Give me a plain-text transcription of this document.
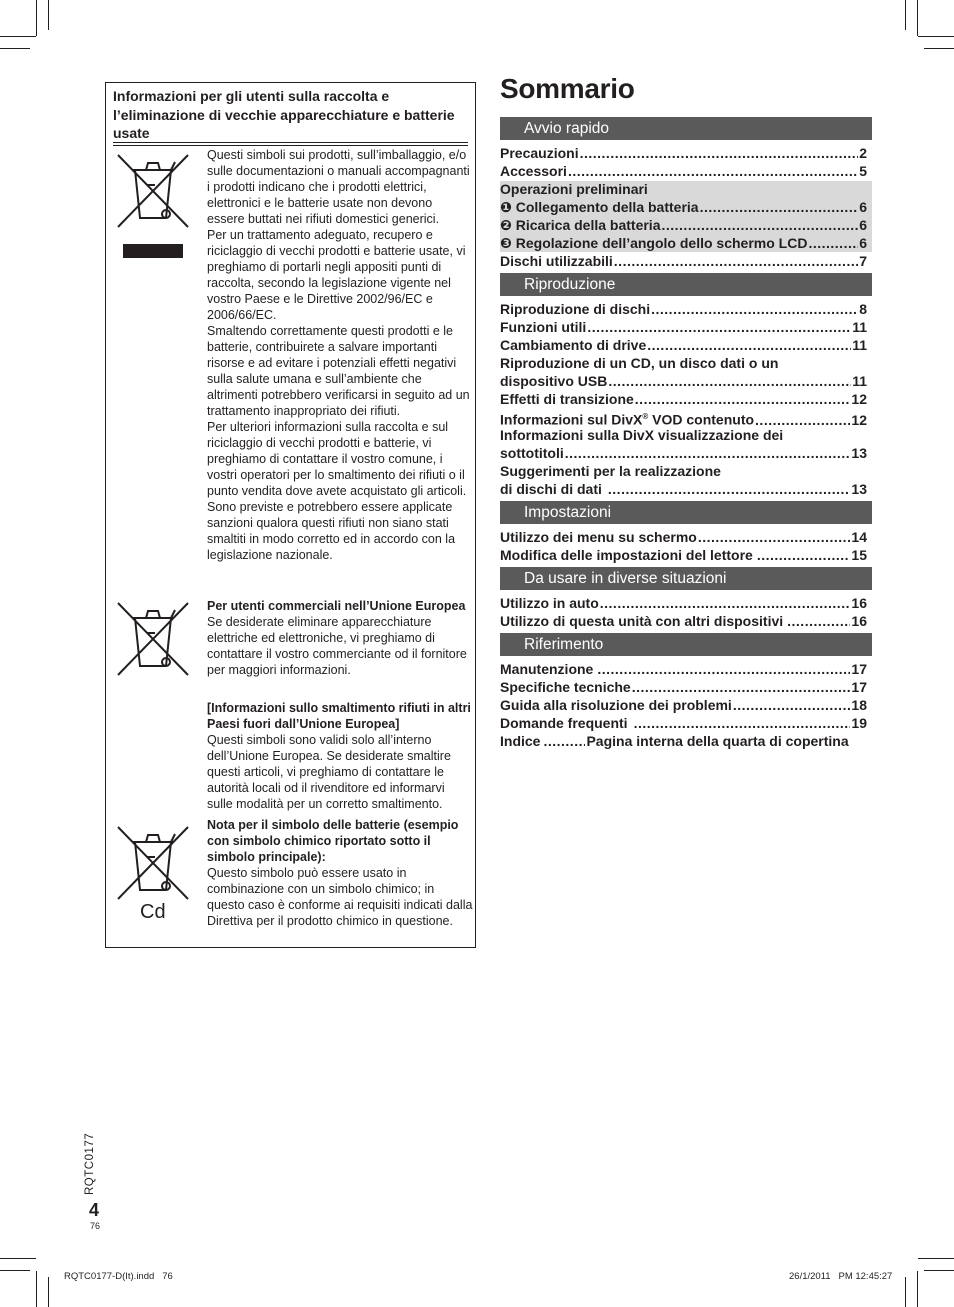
Informazioni per gli utenti sulla raccolta e l’eliminazione di vecchie apparecchiature e batterie usate
Cd

Questi simboli sui prodotti, sull’imballaggio, e/o sulle documentazioni o manuali accompagnanti i prodotti indicano che i prodotti elettrici, elettronici e le batterie usate non devono essere buttati nei rifiuti domestici generici.

Per un trattamento adeguato, recupero e riciclaggio di vecchi prodotti e batterie usate, vi preghiamo di portarli negli appositi punti di raccolta, secondo la legislazione vigente nel vostro Paese e le Direttive 2002/96/EC e 2006/66/EC.

Smaltendo correttamente questi prodotti e le batterie, contribuirete a salvare importanti risorse e ad evitare i potenziali effetti negativi sulla salute umana e sull’ambiente che altrimenti potrebbero verificarsi in seguito ad un trattamento inappropriato dei rifiuti.

Per ulteriori informazioni sulla raccolta e sul riciclaggio di vecchi prodotti e batterie, vi preghiamo di contattare il vostro comune, i vostri operatori per lo smaltimento dei rifiuti o il punto vendita dove avete acquistato gli articoli.

Sono previste e potrebbero essere applicate sanzioni qualora questi rifiuti non siano stati smaltiti in modo corretto ed in accordo con la legislazione nazionale.

Per utenti commerciali nell’Unione Europea

Se desiderate eliminare apparecchiature elettriche ed elettroniche, vi preghiamo di contattare il vostro commerciante od il fornitore per maggiori informazioni.

[Informazioni sullo smaltimento rifiuti in altri Paesi fuori dall’Unione Europea]

Questi simboli sono validi solo all’interno dell’Unione Europea. Se desiderate smaltire questi articoli, vi preghiamo di contattare le autorità locali od il rivenditore ed informarvi sulle modalità per un corretto smaltimento.

Nota per il simbolo delle batterie (esempio con simbolo chimico riportato sotto il simbolo principale):

Questo simbolo può essere usato in combinazione con un simbolo chimico; in questo caso è conforme ai requisiti indicati dalla Direttiva per il prodotto chimico in questione.

Sommario
Avvio rapido
Precauzioni .....	2
Accessori .....	5
Operazioni preliminari
❶ Collegamento della batteria .....	6
❷ Ricarica della batteria .....	6
❸ Regolazione dell’angolo dello schermo LCD .....	6
Dischi utilizzabili .....	7
Riproduzione
Riproduzione di dischi .....	8
Funzioni utili .....	11
Cambiamento di drive .....	11
Riproduzione di un CD, un disco dati o un
dispositivo USB .....	11
Effetti di transizione .....	12
Informazioni sul DivX® VOD contenuto .....	12
Informazioni sulla DivX visualizzazione dei
sottotitoli .....	13
Suggerimenti per la realizzazione
di dischi di dati .....	13
Impostazioni
Utilizzo dei menu su schermo .....	14
Modifica delle impostazioni del lettore .....	15
Da usare in diverse situazioni
Utilizzo in auto .....	16
Utilizzo di questa unità con altri dispositivi .....	16
Riferimento
Manutenzione .....	17
Specifiche tecniche .....	17
Guida alla risoluzione dei problemi .....	18
Domande frequenti .....	19
Indice .....	Pagina interna della quarta di copertina
RQTC0177
4
76
RQTC0177-D(It).indd   76	26/1/2011   PM 12:45:27
